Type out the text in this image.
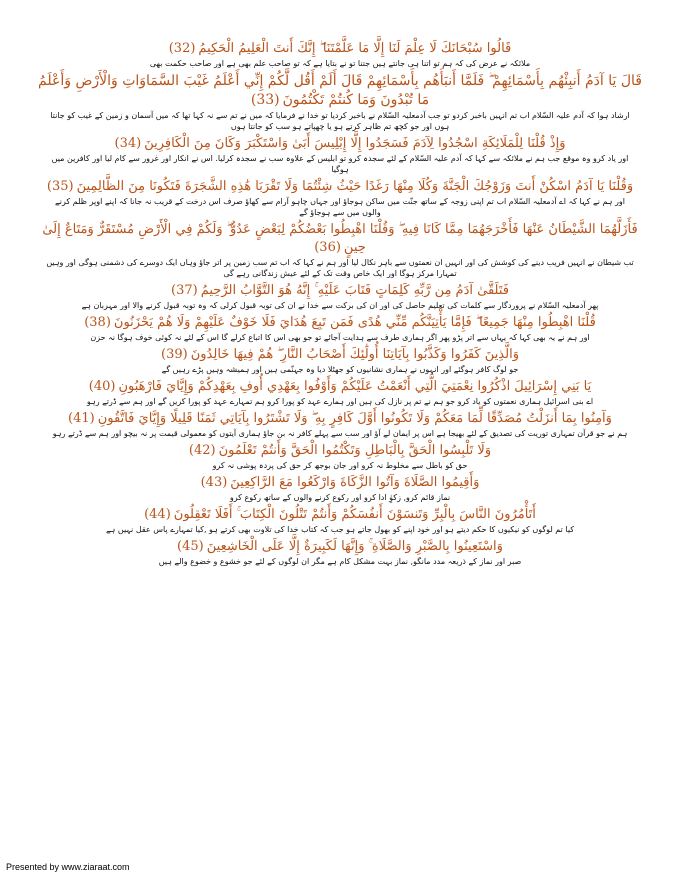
قَالُوا سُبْحَانَكَ لَا عِلْمَ لَنَا إِلَّا مَا عَلَّمْتَنَا ۖ إِنَّكَ أَنتَ الْعَلِيمُ الْحَكِيمُ(32)

ملائکہ نے عرض کی کہ ہم تو اتنا ہی جانتے ہیں جتنا تو نے بتایا ہے کہ تو صاحب علم بھی ہے اور صاحب حکمت بھی

قَالَ يَا آدَمُ أَنبِئْهُم بِأَسْمَائِهِمْ ۖ فَلَمَّا أَنبَأَهُم بِأَسْمَائِهِمْ قَالَ أَلَمْ أَقُل لَّكُمْ إِنِّي أَعْلَمُ غَيْبَ السَّمَاوَاتِ وَالْأَرْضِ وَأَعْلَمُ مَا تُبْدُونَ وَمَا كُنتُمْ تَكْتُمُونَ(33)

ارشاد ہوا کہ آدم علیہ السّلام اب تم انہیں باخبر کردو تو جب آدمعلیہ السّلام نے باخبر کردیا تو خدا نے فرمایا کہ میں نے تم سے نہ کہا تھا کہ میں آسمان و زمین کے غیب کو جانتا ہوں اور جو کچھ تم ظاہر کرتے ہو یا چھپاتے ہو سب کو جانتا ہوں

وَإِذْ قُلْنَا لِلْمَلَائِكَةِ اسْجُدُوا لِآدَمَ فَسَجَدُوا إِلَّا إِبْلِيسَ أَبَىٰ وَاسْتَكْبَرَ وَكَانَ مِنَ الْكَافِرِينَ(34)

اور یاد کرو وہ موقع جب ہم نے ملائکہ سے کہا کہ آدم علیہ السّلام کے لئے سجدہ کرو تو ابلیس کے علاوہ سب نے سجدہ کرلیا. اس نے انکار اور غرور سے کام لیا اور کافرین میں ہوگیا

وَقُلْنَا يَا آدَمُ اسْكُنْ أَنتَ وَزَوْجُكَ الْجَنَّةَ وَكُلَا مِنْهَا رَغَدًا حَيْثُ شِئْتُمَا وَلَا تَقْرَبَا هَٰذِهِ الشَّجَرَةَ فَتَكُونَا مِنَ الظَّالِمِينَ(35)

اور ہم نے کہا کہ اے آدمعلیہ السّلام اب تم اپنی زوجہ کے ساتھ جنّت میں ساکن ہوجاؤ اور جہاں چاہو آرام سے کھاؤ صرف اس درخت کے قریب نہ جانا کہ اپنے اوپر ظلم کرنے والوں میں سے ہوجاؤ گے

فَأَزَلَّهُمَا الشَّيْطَانُ عَنْهَا فَأَخْرَجَهُمَا مِمَّا كَانَا فِيهِ ۖ وَقُلْنَا اهْبِطُوا بَعْضُكُمْ لِبَعْضٍ عَدُوٌّ ۖ وَلَكُمْ فِي الْأَرْضِ مُسْتَقَرٌّ وَمَتَاعٌ إِلَىٰ حِينٍ(36)

تب شیطان نے انہیں فریب دینے کی کوشش کی اور انہیں ان نعمتوں سے باہر نکال لیا اور ہم نے کہا کہ اب تم سب زمین پر اتر جاؤ وہاں ایک دوسرے کی دشمنی ہوگی اور وہیں تمہارا مرکز ہوگا اور ایک خاص وقت تک کے لئے عیش زندگانی رہے گی

فَتَلَقَّىٰ آدَمُ مِن رَّبِّهِ كَلِمَاتٍ فَتَابَ عَلَيْهِ ۚ إِنَّهُ هُوَ التَّوَّابُ الرَّحِيمُ(37)

پھر آدمعلیہ السّلام نے پروردگار سے کلمات کی تعلیم حاصل کی اور ان کی برکت سے خدا نے ان کی توبہ قبول کرلی کہ وہ توبہ قبول کرنے والا اور مہربان ہے

قُلْنَا اهْبِطُوا مِنْهَا جَمِيعًا ۖ فَإِمَّا يَأْتِيَنَّكُم مِّنِّي هُدًى فَمَن تَبِعَ هُدَايَ فَلَا خَوْفٌ عَلَيْهِمْ وَلَا هُمْ يَحْزَنُونَ(38)

اور ہم نے یہ بھی کہا کہ یہاں سے اتر پڑو پھر اگر ہماری طرف سے ہدایت آجائے تو جو بھی اس کا اتباع کرلے گا اس کے لئے نہ کوئی خوف ہوگا نہ حزن

وَالَّذِينَ كَفَرُوا وَكَذَّبُوا بِآيَاتِنَا أُولَٰئِكَ أَصْحَابُ النَّارِ ۖ هُمْ فِيهَا خَالِدُونَ(39)

جو لوگ کافر ہوگئے اور انہوں نے ہماری نشانیوں کو جھٹلا دیا وہ جہنّمی ہیں اور ہمیشہ وہیں پڑے رہیں گے

يَا بَنِي إِسْرَائِيلَ اذْكُرُوا نِعْمَتِيَ الَّتِي أَنْعَمْتُ عَلَيْكُمْ وَأَوْفُوا بِعَهْدِي أُوفِ بِعَهْدِكُمْ وَإِيَّايَ فَارْهَبُونِ(40)

اے بنی اسرائیل ہماری نعمتوں کو یاد کرو جو ہم نے تم پر نازل کی ہیں اور ہمارے عہد کو پورا کرو ہم تمہارے عہد کو پورا کریں گے اور ہم سے ڈرتے رہو

وَآمِنُوا بِمَا أَنزَلْتُ مُصَدِّقًا لِّمَا مَعَكُمْ وَلَا تَكُونُوا أَوَّلَ كَافِرٍ بِهِ ۖ وَلَا تَشْتَرُوا بِآيَاتِي ثَمَنًا قَلِيلًا وَإِيَّايَ فَاتَّقُونِ(41)

ہم نے جو قرآن تمہاری توریت کی تصدیق کے لئے بھیجا ہے اس پر ایمان لے آؤ اور سب سے پہلے کافر نہ بن جاؤ ہماری آیتوں کو معمولی قیمت پر نہ بیچو اور ہم سے ڈرتے رہو

وَلَا تَلْبِسُوا الْحَقَّ بِالْبَاطِلِ وَتَكْتُمُوا الْحَقَّ وَأَنتُمْ تَعْلَمُونَ(42)

حق کو باطل سے مخلوط نہ کرو اور جان بوجھ کر حق کی پردہ پوشی نہ کرو

وَأَقِيمُوا الصَّلَاةَ وَآتُوا الزَّكَاةَ وَارْكَعُوا مَعَ الرَّاكِعِينَ(43)

نماز قائم کرو, زکوِٰ ادا کرو اور رکوع کرنے والوں کے ساتھ رکوع کرو

أَتَأْمُرُونَ النَّاسَ بِالْبِرِّ وَتَنسَوْنَ أَنفُسَكُمْ وَأَنتُمْ تَتْلُونَ الْكِتَابَ ۚ أَفَلَا تَعْقِلُونَ(44)

کیا تم لوگوں کو نیکیوں کا حکم دیتے ہو اور خود اپنے کو بھول جاتے ہو جب کہ کتاب خدا کی تلاوت بھی کرتے ہو ,کیا تمہارے پاس عقل نہیں ہے

وَاسْتَعِينُوا بِالصَّبْرِ وَالصَّلَاةِ ۚ وَإِنَّهَا لَكَبِيرَةٌ إِلَّا عَلَى الْخَاشِعِينَ(45)

صبر اور نماز کے ذریعہ مدد مانگو, نماز بہت مشکل کام ہے مگر ان لوگوں کے لئے جو خشوع و خضوع والے ہیں

Presented by www.ziaraat.com
